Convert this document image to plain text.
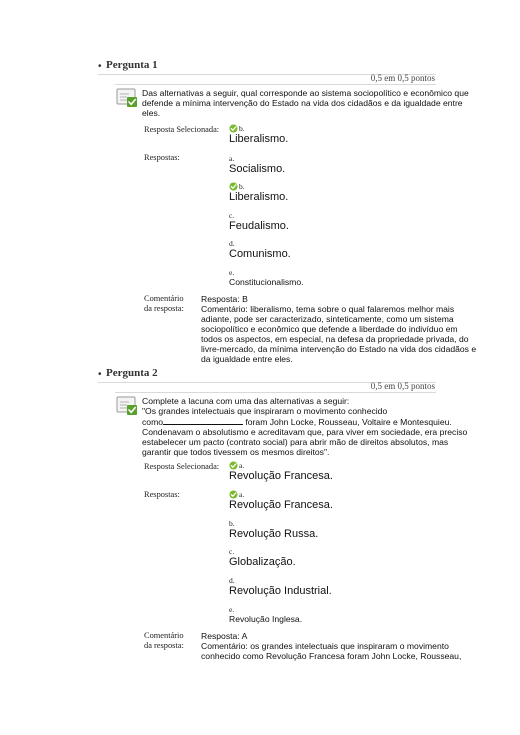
• Pergunta 1
0,5 em 0,5 pontos
Das alternativas a seguir, qual corresponde ao sistema sociopolítico e econômico que defende a mínima intervenção do Estado na vida dos cidadãos e da igualdade entre eles.
Resposta Selecionada:	b.
Liberalismo.
Respostas:	a.
Socialismo.
b.
Liberalismo.
c.
Feudalismo.
d.
Comunismo.
e.
Constitucionalismo.
Comentário
da resposta:
Resposta: B
Comentário: liberalismo, tema sobre o qual falaremos melhor mais adiante, pode ser caracterizado, sinteticamente, como um sistema sociopolítico e econômico que defende a liberdade do indivíduo em todos os aspectos, em especial, na defesa da propriedade privada, do livre-mercado, da mínima intervenção do Estado na vida dos cidadãos e da igualdade entre eles.
• Pergunta 2
0,5 em 0,5 pontos
Complete a lacuna com uma das alternativas a seguir:
"Os grandes intelectuais que inspiraram o movimento conhecido
como	foram John Locke, Rousseau, Voltaire e Montesquieu. Condenavam o absolutismo e acreditavam que, para viver em sociedade, era preciso estabelecer um pacto (contrato social) para abrir mão de direitos absolutos, mas garantir que todos tivessem os mesmos direitos".
Resposta Selecionada:	a.
Revolução Francesa.
Respostas:	a.
Revolução Francesa.
b.
Revolução Russa.
c.
Globalização.
d.
Revolução Industrial.
e.
Revolução Inglesa.
Comentário
da resposta:
Resposta: A
Comentário: os grandes intelectuais que inspiraram o movimento conhecido como Revolução Francesa foram John Locke, Rousseau,
